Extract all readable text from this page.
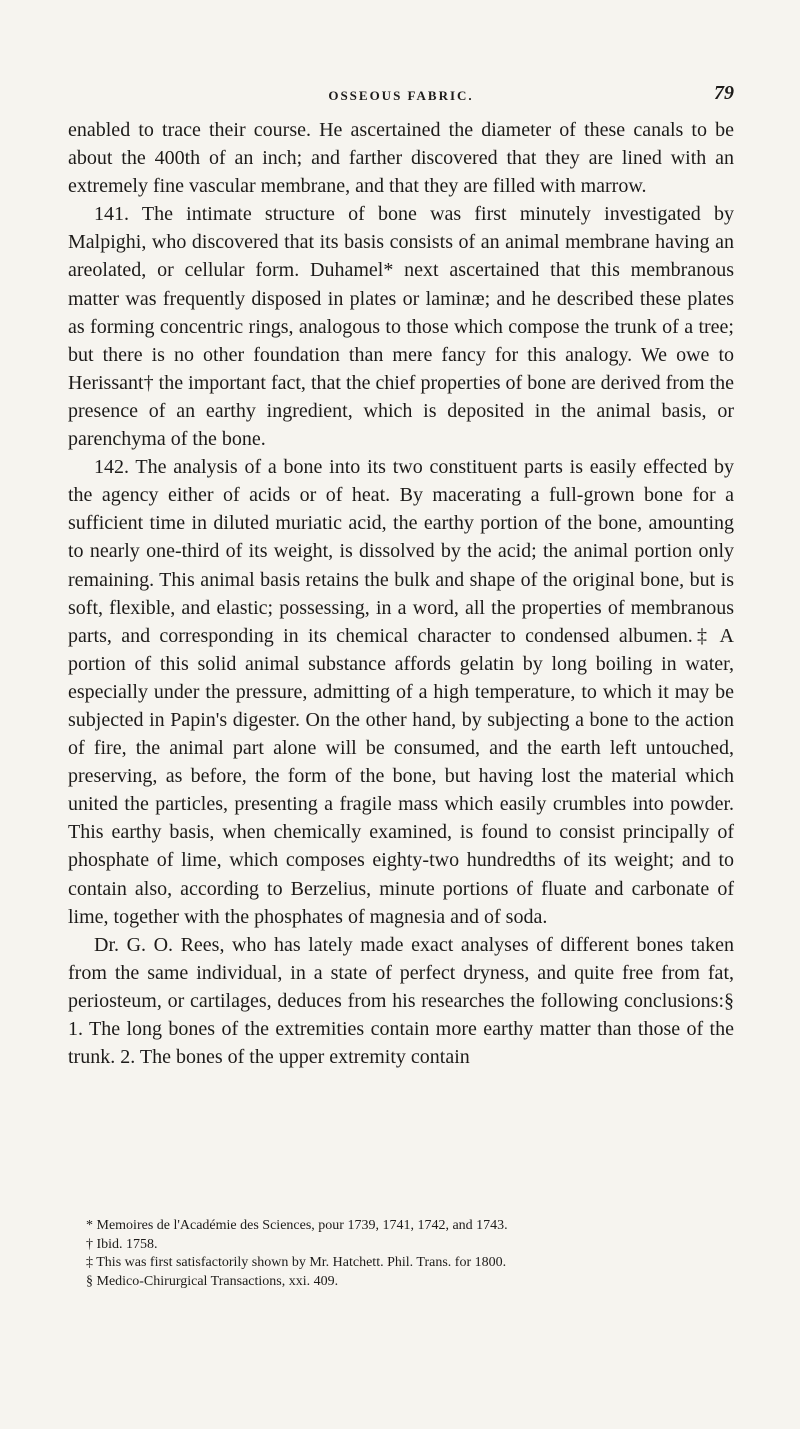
OSSEOUS FABRIC.	79

enabled to trace their course. He ascertained the diameter of these canals to be about the 400th of an inch; and farther discovered that they are lined with an extremely fine vascular membrane, and that they are filled with marrow.

141. The intimate structure of bone was first minutely investigated by Malpighi, who discovered that its basis consists of an animal membrane having an areolated, or cellular form. Duhamel* next ascertained that this membranous matter was frequently disposed in plates or laminæ; and he described these plates as forming concentric rings, analogous to those which compose the trunk of a tree; but there is no other foundation than mere fancy for this analogy. We owe to Herissant† the important fact, that the chief properties of bone are derived from the presence of an earthy ingredient, which is deposited in the animal basis, or parenchyma of the bone.

142. The analysis of a bone into its two constituent parts is easily effected by the agency either of acids or of heat. By macerating a full-grown bone for a sufficient time in diluted muriatic acid, the earthy portion of the bone, amounting to nearly one-third of its weight, is dissolved by the acid; the animal portion only remaining. This animal basis retains the bulk and shape of the original bone, but is soft, flexible, and elastic; possessing, in a word, all the properties of membranous parts, and corresponding in its chemical character to condensed albumen.‡ A portion of this solid animal substance affords gelatin by long boiling in water, especially under the pressure, admitting of a high temperature, to which it may be subjected in Papin's digester. On the other hand, by subjecting a bone to the action of fire, the animal part alone will be consumed, and the earth left untouched, preserving, as before, the form of the bone, but having lost the material which united the particles, presenting a fragile mass which easily crumbles into powder. This earthy basis, when chemically examined, is found to consist principally of phosphate of lime, which composes eighty-two hundredths of its weight; and to contain also, according to Berzelius, minute portions of fluate and carbonate of lime, together with the phosphates of magnesia and of soda.

Dr. G. O. Rees, who has lately made exact analyses of different bones taken from the same individual, in a state of perfect dryness, and quite free from fat, periosteum, or cartilages, deduces from his researches the following conclusions:§ 1. The long bones of the extremities contain more earthy matter than those of the trunk. 2. The bones of the upper extremity contain

* Memoires de l'Académie des Sciences, pour 1739, 1741, 1742, and 1743.

† Ibid. 1758.

‡ This was first satisfactorily shown by Mr. Hatchett. Phil. Trans. for 1800.

§ Medico-Chirurgical Transactions, xxi. 409.
